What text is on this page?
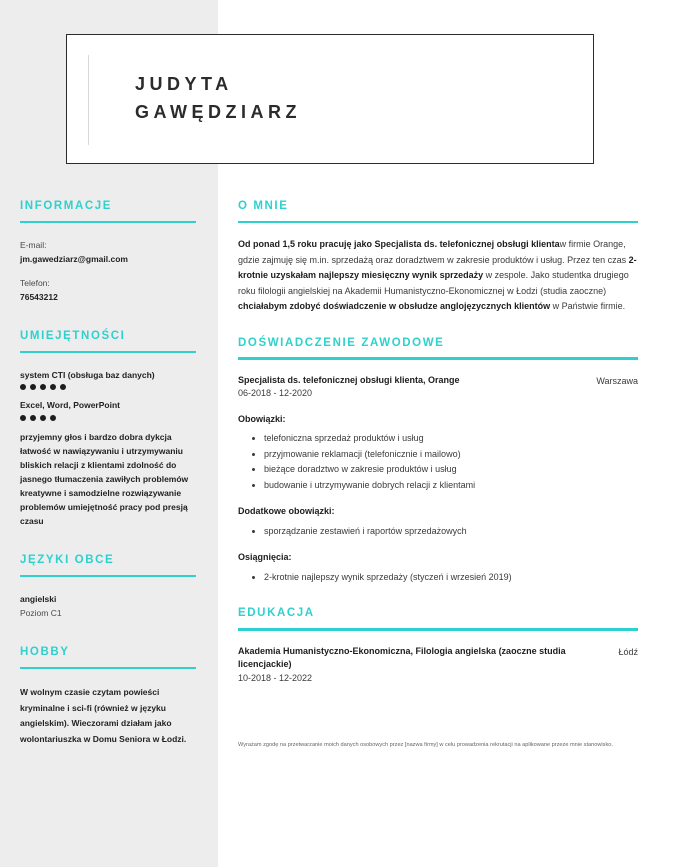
INFORMACJE
E-mail:
jm.gawedziarz@gmail.com
Telefon:
76543212
UMIEJĘTNOŚCI
system CTI (obsługa baz danych)
Excel, Word, PowerPoint
przyjemny głos i bardzo dobra dykcja łatwość w nawiązywaniu i utrzymywaniu bliskich relacji z klientami zdolność do jasnego tłumaczenia zawiłych problemów kreatywne i samodzielne rozwiązywanie problemów umiejętność pracy pod presją czasu
JĘZYKI OBCE
angielski
Poziom C1
HOBBY
W wolnym czasie czytam powieści kryminalne i sci-fi (również w języku angielskim). Wieczorami działam jako wolontariuszka w Domu Seniora w Łodzi.
JUDYTA
GAWĘDZIARZ
O MNIE

Od ponad 1,5 roku pracuję jako Specjalista ds. telefonicznej obsługi klientaw firmie Orange, gdzie zajmuję się m.in. sprzedażą oraz doradztwem w zakresie produktów i usług. Przez ten czas 2-krotnie uzyskałam najlepszy miesięczny wynik sprzedaży w zespole. Jako studentka drugiego roku filologii angielskiej na Akademii Humanistyczno-Ekonomicznej w Łodzi (studia zaoczne) chciałabym zdobyć doświadczenie w obsłudze anglojęzycznych klientów w Państwie firmie.

DOŚWIADCZENIE ZAWODOWE
Specjalista ds. telefonicznej obsługi klienta, Orange
06-2018 - 12-2020
Warszawa
Obowiązki:
telefoniczna sprzedaż produktów i usług
przyjmowanie reklamacji (telefonicznie i mailowo)
bieżące doradztwo w zakresie produktów i usług
budowanie i utrzymywanie dobrych relacji z klientami
Dodatkowe obowiązki:
sporządzanie zestawień i raportów sprzedażowych
Osiągnięcia:
2-krotnie najlepszy wynik sprzedaży (styczeń i wrzesień 2019)
EDUKACJA
Akademia Humanistyczno-Ekonomiczna, Filologia angielska (zaoczne studia licencjackie)
10-2018 - 12-2022
Łódź
Wyrażam zgodę na przetwarzanie moich danych osobowych przez [nazwa firmy] w celu prowadzenia rekrutacji na aplikowane przeze mnie stanowisko.
